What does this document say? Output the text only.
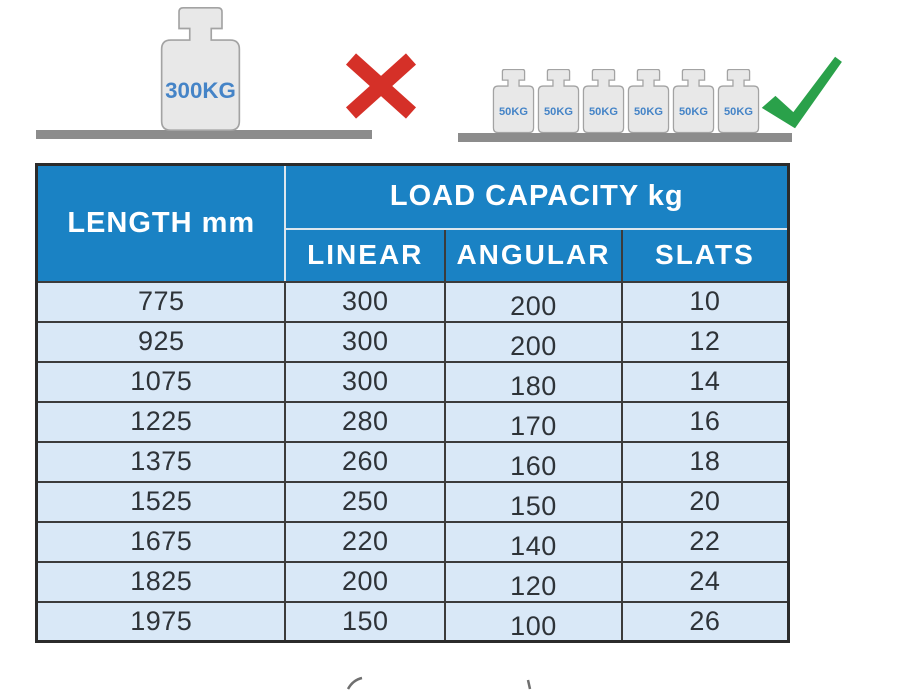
300KG
50KG 50KG 50KG 50KG 50KG 50KG
LENGTH mm	LOAD CAPACITY kg		
	LINEAR	ANGULAR	SLATS
775	300	200	10
925	300	200	12
1075	300	180	14
1225	280	170	16
1375	260	160	18
1525	250	150	20
1675	220	140	22
1825	200	120	24
1975	150	100	26
